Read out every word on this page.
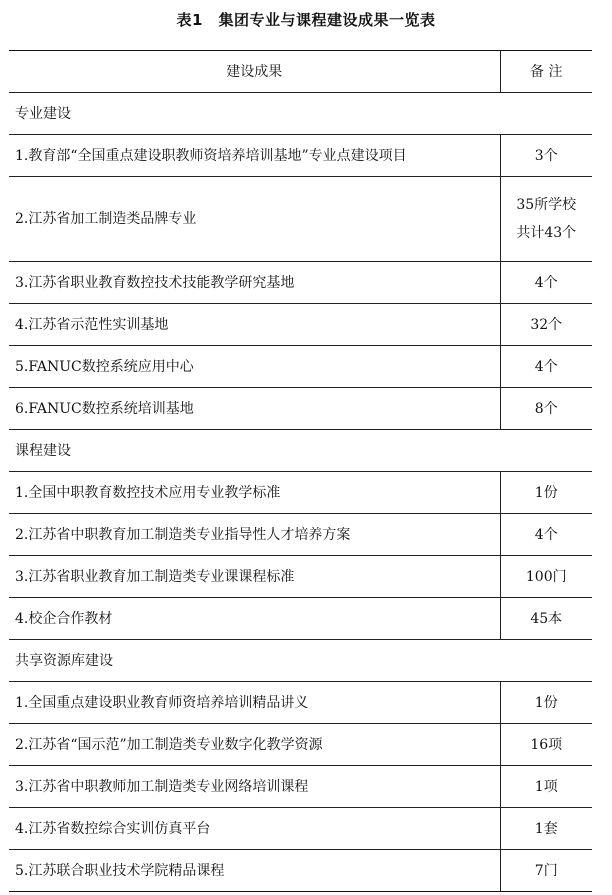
表1　集团专业与课程建设成果一览表
建设成果	备 注
专业建设	
1.教育部“全国重点建设职教师资培养培训基地”专业点建设项目	3个
2.江苏省加工制造类品牌专业	35所学校
共计43个

3.江苏省职业教育数控技术技能教学研究基地	4个
4.江苏省示范性实训基地	32个
5.FANUC数控系统应用中心	4个
6.FANUC数控系统培训基地	8个
课程建设	
1.全国中职教育数控技术应用专业教学标准	1份
2.江苏省中职教育加工制造类专业指导性人才培养方案	4个
3.江苏省职业教育加工制造类专业课课程标准	100门
4.校企合作教材	45本
共享资源库建设	
1.全国重点建设职业教育师资培养培训精品讲义	1份
2.江苏省“国示范”加工制造类专业数字化教学资源	16项
3.江苏省中职教师加工制造类专业网络培训课程	1项
4.江苏省数控综合实训仿真平台	1套
5.江苏联合职业技术学院精品课程	7门
